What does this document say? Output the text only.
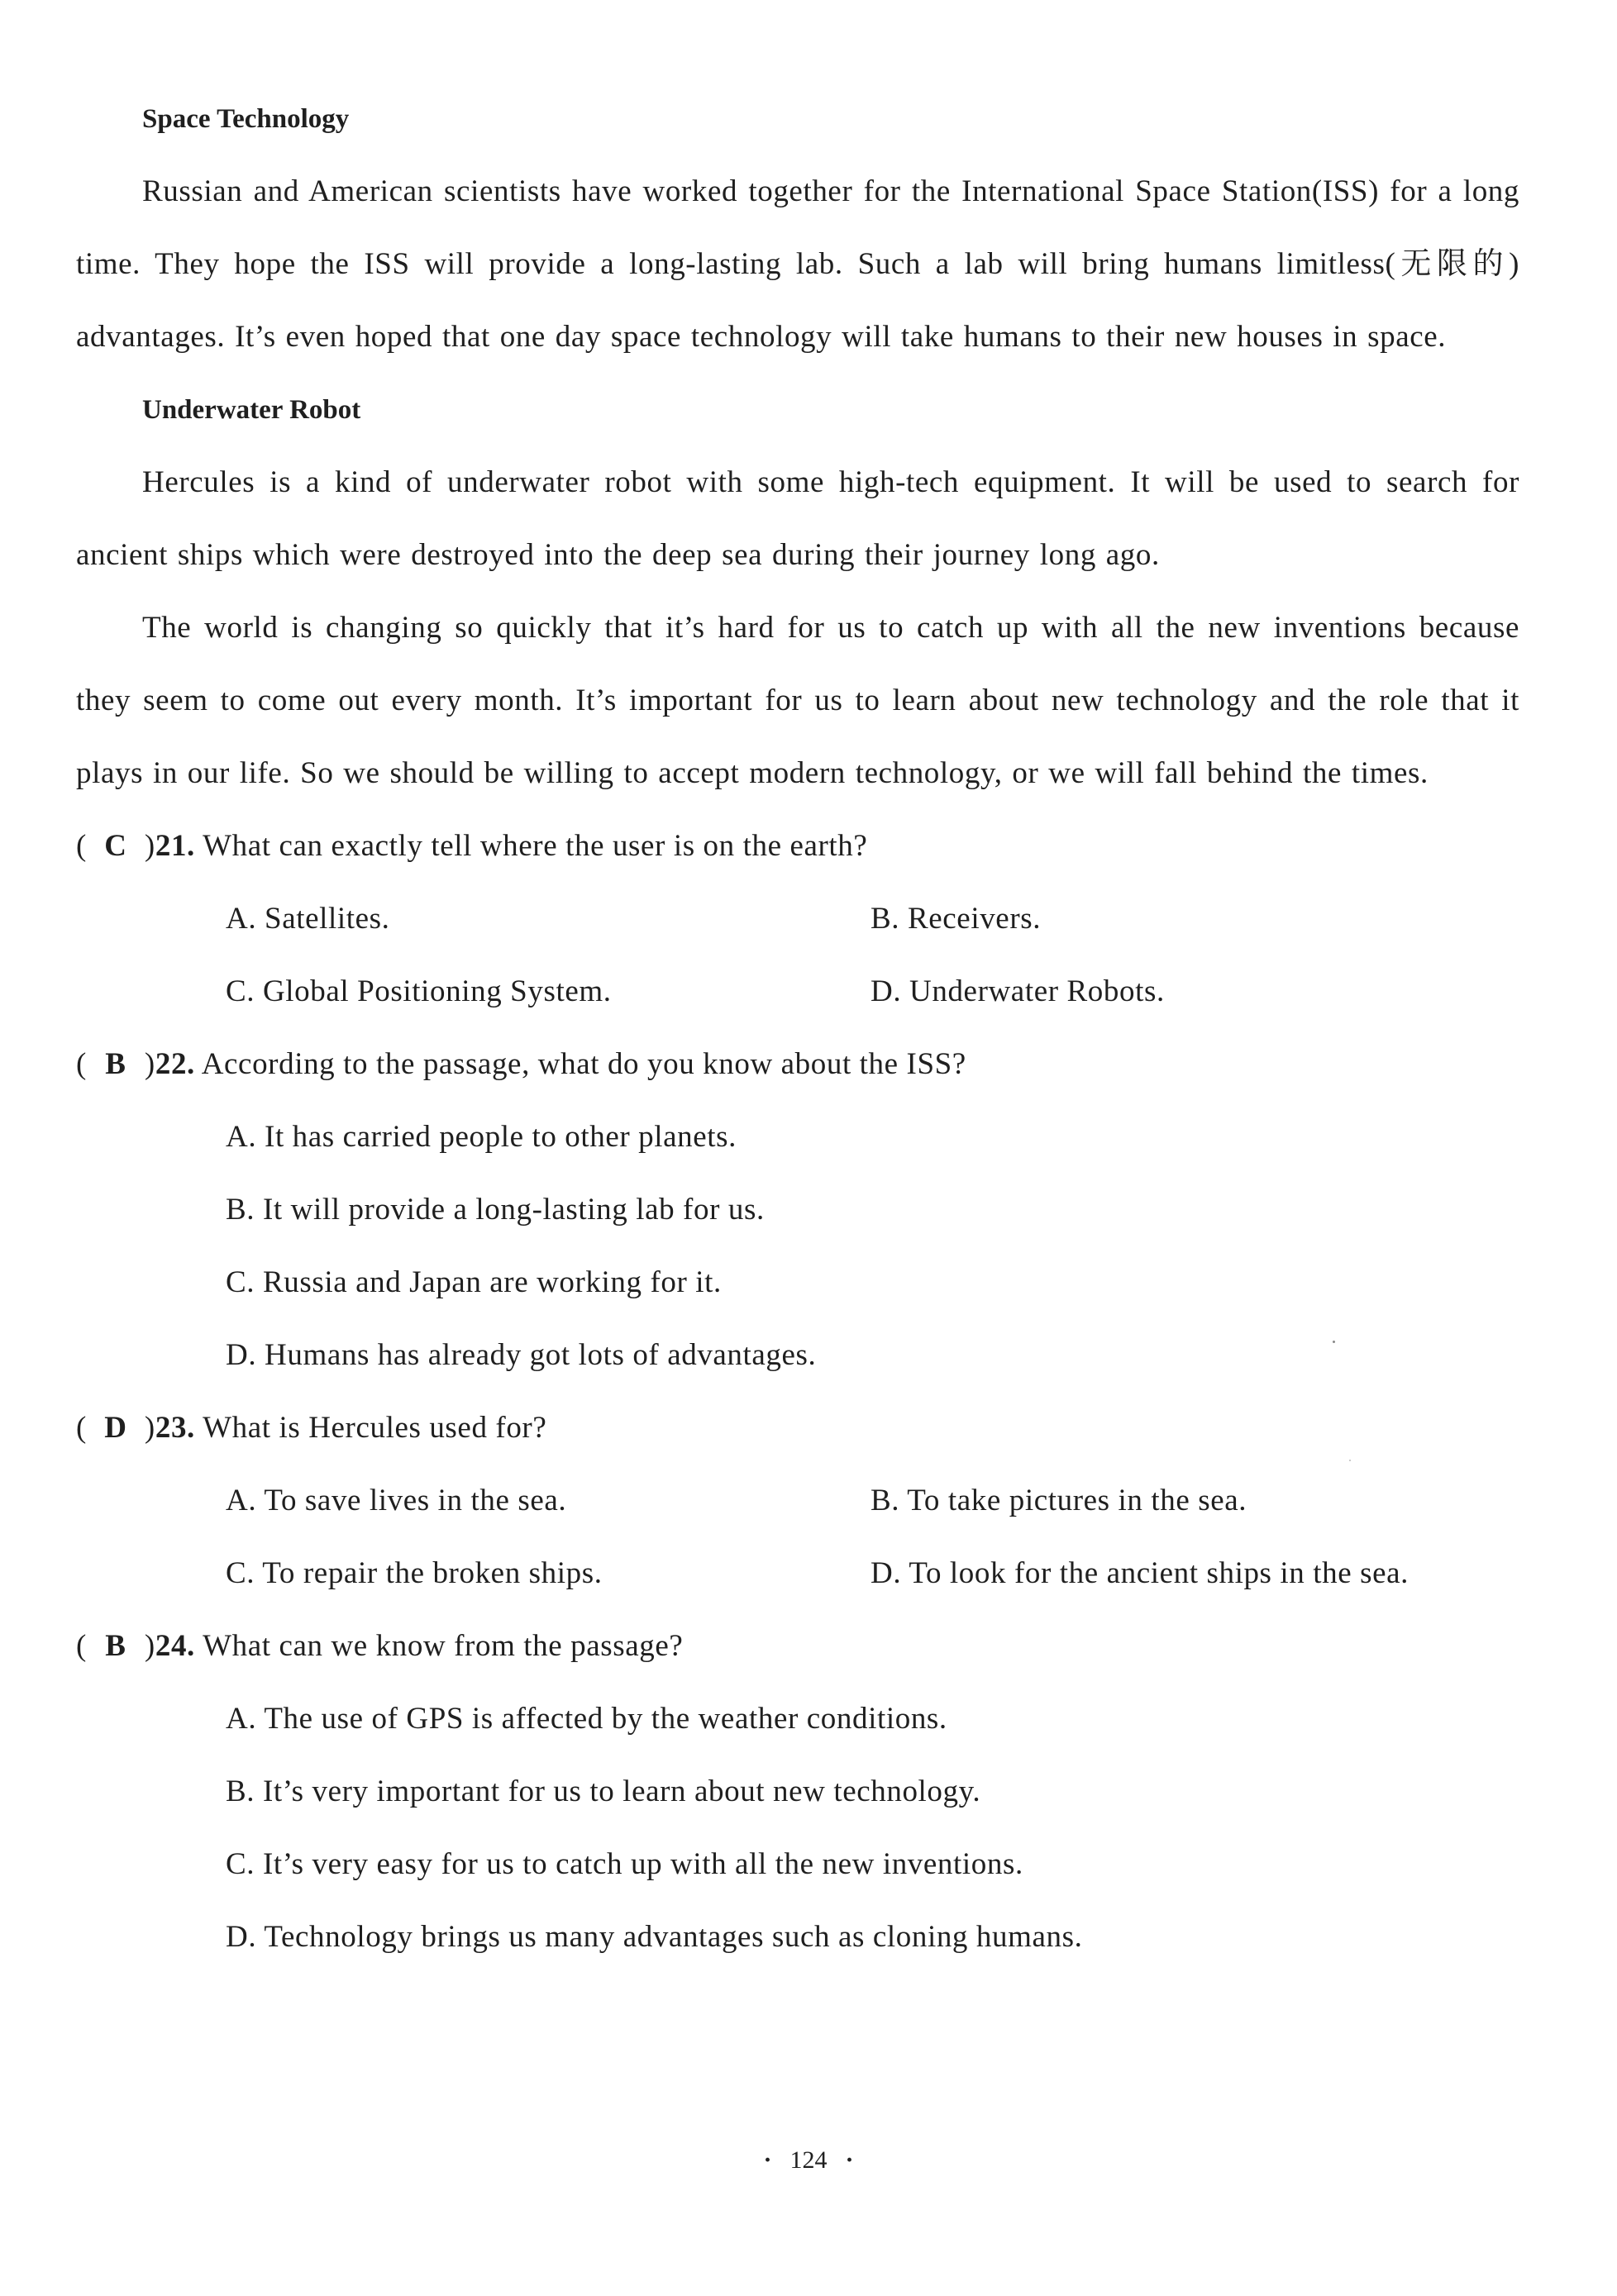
Space Technology

Russian and American scientists have worked together for the International Space Station(ISS) for a long time. They hope the ISS will provide a long-lasting lab. Such a lab will bring humans limitless(无限的) advantages. It’s even hoped that one day space technology will take humans to their new houses in space.

Underwater Robot

Hercules is a kind of underwater robot with some high-tech equipment. It will be used to search for ancient ships which were destroyed into the deep sea during their journey long ago.

The world is changing so quickly that it’s hard for us to catch up with all the new inventions because they seem to come out every month. It’s important for us to learn about new technology and the role that it plays in our life. So we should be willing to accept modern technology, or we will fall behind the times.

( C )21. What can exactly tell where the user is on the earth?
A. Satellites.	B. Receivers.
C. Global Positioning System.	D. Underwater Robots.
( B )22. According to the passage, what do you know about the ISS?
A. It has carried people to other planets.
B. It will provide a long-lasting lab for us.
C. Russia and Japan are working for it.
D. Humans has already got lots of advantages.
( D )23. What is Hercules used for?
A. To save lives in the sea.	B. To take pictures in the sea.
C. To repair the broken ships.	D. To look for the ancient ships in the sea.
( B )24. What can we know from the passage?
A. The use of GPS is affected by the weather conditions.
B. It’s very important for us to learn about new technology.
C. It’s very easy for us to catch up with all the new inventions.
D. Technology brings us many advantages such as cloning humans.
· 124 ·
